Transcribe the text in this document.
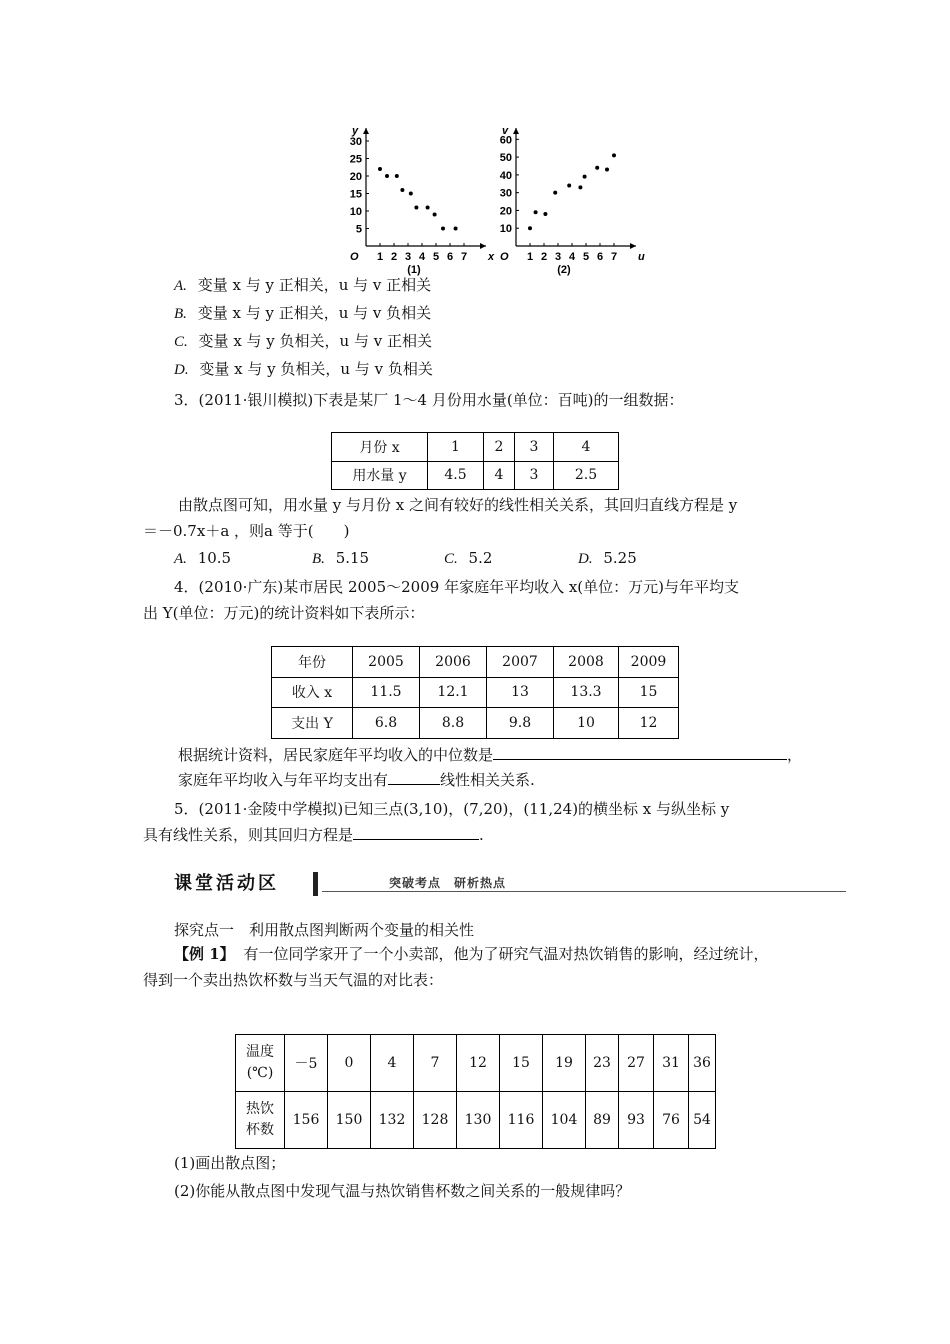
y
x
O 1 2 3 4 5 6 7
5
10
15
20
25
30
(1)
v
u
O 1 2 3 4 5 6 7
10
20
30
40
50
60
(2)
A. 变量 x 与 y 正相关，u 与 v 正相关
B. 变量 x 与 y 正相关，u 与 v 负相关
C. 变量 x 与 y 负相关，u 与 v 正相关
D. 变量 x 与 y 负相关，u 与 v 负相关
3．(2011·银川模拟)下表是某厂 1～4 月份用水量(单位：百吨)的一组数据：
月份 x	1	2	3	4
用水量 y	4.5	4	3	2.5
由散点图可知，用水量 y 与月份 x 之间有较好的线性相关关系，其回归直线方程是 y
＝－0.7x＋a ，则a 等于(　　)
A. 10.5	B. 5.15	C. 5.2	D. 5.25
4．(2010·广东)某市居民 2005～2009 年家庭年平均收入 x(单位：万元)与年平均支
出 Y(单位：万元)的统计资料如下表所示：
年份	2005	2006	2007	2008	2009
收入 x	11.5	12.1	13	13.3	15
支出 Y	6.8	8.8	9.8	10	12
根据统计资料，居民家庭年平均收入的中位数是	，
家庭年平均收入与年平均支出有	线性相关关系.
5．(2011·金陵中学模拟)已知三点(3,10)，(7,20)，(11,24)的横坐标 x 与纵坐标 y
具有线性关系，则其回归方程是	.
课堂活动区	突破考点　研析热点
探究点一　利用散点图判断两个变量的相关性
【例 1】 有一位同学家开了一个小卖部，他为了研究气温对热饮销售的影响，经过统计，
得到一个卖出热饮杯数与当天气温的对比表：
温度
(℃)	－5	0	4	7	12	15	19	23	27	31	36
热饮
杯数	156	150	132	128	130	116	104	89	93	76	54
(1)画出散点图；
(2)你能从散点图中发现气温与热饮销售杯数之间关系的一般规律吗？
